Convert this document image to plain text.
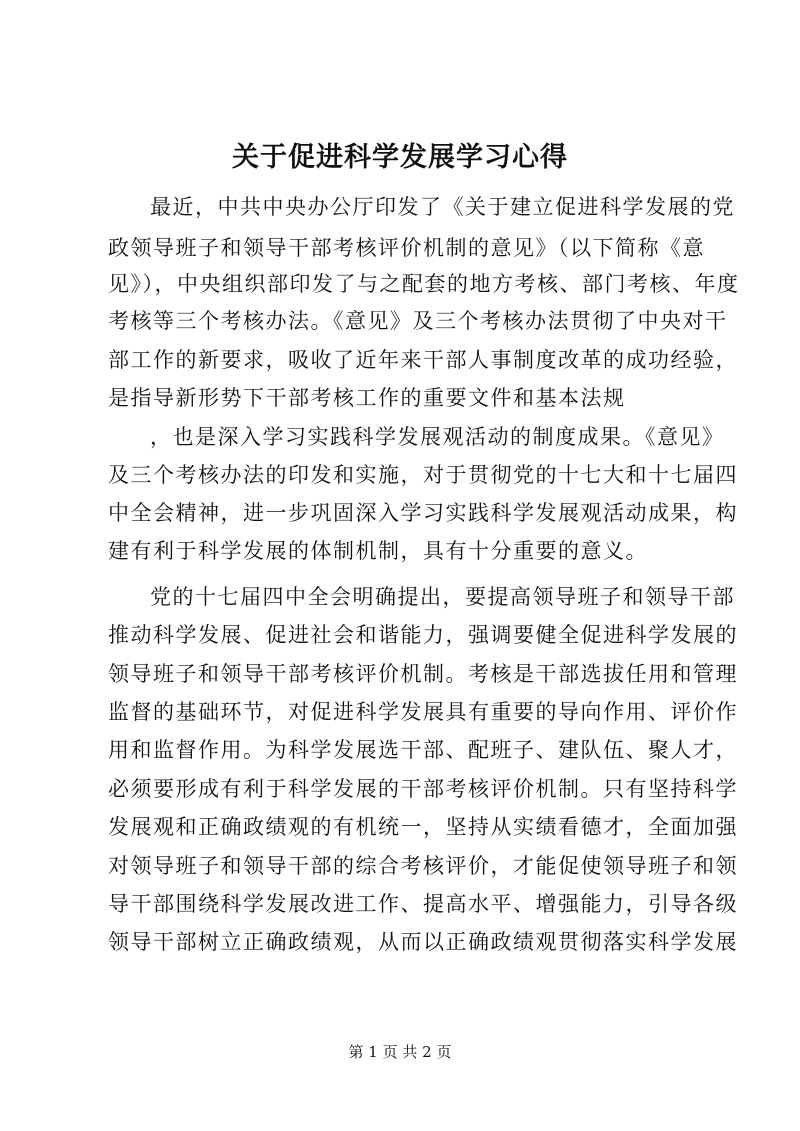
关于促进科学发展学习心得
最近，中共中央办公厅印发了《关于建立促进科学发展的党
政领导班子和领导干部考核评价机制的意见》（以下简称《意
见》），中央组织部印发了与之配套的地方考核、部门考核、年度
考核等三个考核办法。《意见》及三个考核办法贯彻了中央对干
部工作的新要求，吸收了近年来干部人事制度改革的成功经验，
是指导新形势下干部考核工作的重要文件和基本法规
，也是深入学习实践科学发展观活动的制度成果。《意见》
及三个考核办法的印发和实施，对于贯彻党的十七大和十七届四
中全会精神，进一步巩固深入学习实践科学发展观活动成果，构
建有利于科学发展的体制机制，具有十分重要的意义。
党的十七届四中全会明确提出，要提高领导班子和领导干部
推动科学发展、促进社会和谐能力，强调要健全促进科学发展的
领导班子和领导干部考核评价机制。考核是干部选拔任用和管理
监督的基础环节，对促进科学发展具有重要的导向作用、评价作
用和监督作用。为科学发展选干部、配班子、建队伍、聚人才，
必须要形成有利于科学发展的干部考核评价机制。只有坚持科学
发展观和正确政绩观的有机统一，坚持从实绩看德才，全面加强
对领导班子和领导干部的综合考核评价，才能促使领导班子和领
导干部围绕科学发展改进工作、提高水平、增强能力，引导各级
领导干部树立正确政绩观，从而以正确政绩观贯彻落实科学发展
第 1 页 共 2 页
